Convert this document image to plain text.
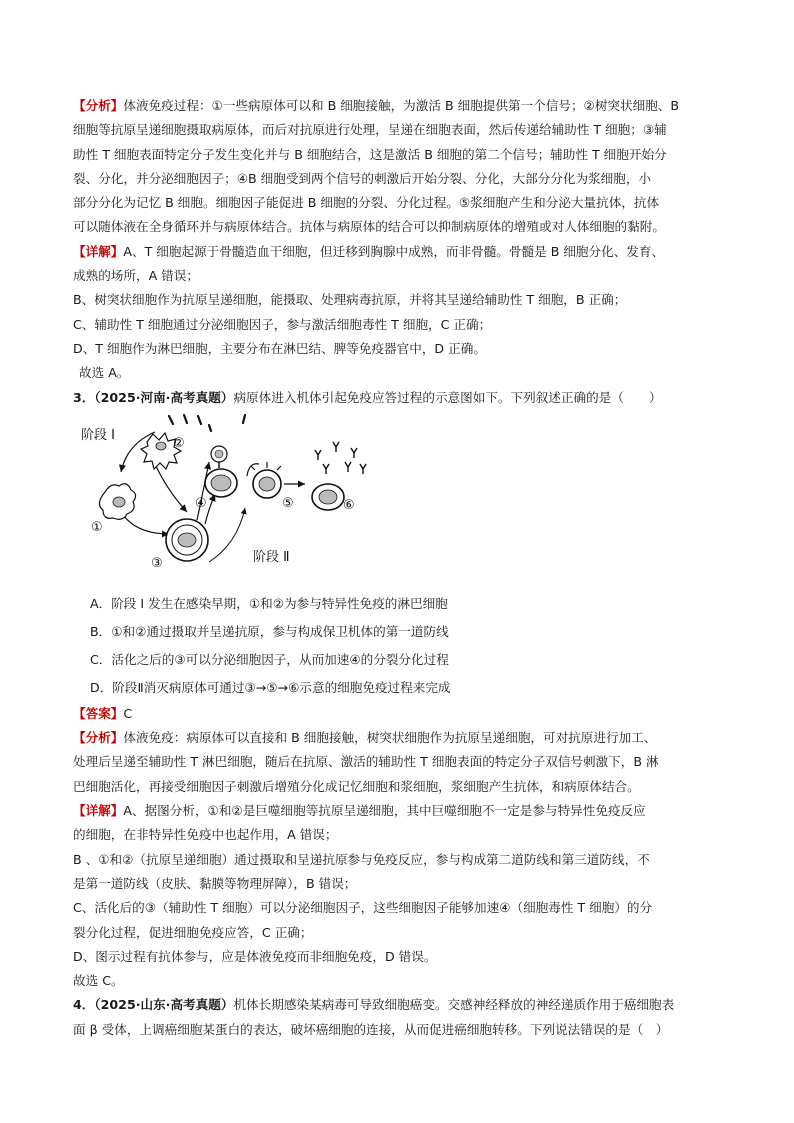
【分析】体液免疫过程：①一些病原体可以和 B 细胞接触，为激活 B 细胞提供第一个信号；②树突状细胞、B

细胞等抗原呈递细胞摄取病原体，而后对抗原进行处理，呈递在细胞表面，然后传递给辅助性 T 细胞；③辅

助性 T 细胞表面特定分子发生变化并与 B 细胞结合，这是激活 B 细胞的第二个信号；辅助性 T 细胞开始分

裂、分化，并分泌细胞因子；④B 细胞受到两个信号的刺激后开始分裂、分化，大部分分化为浆细胞，小

部分分化为记忆 B 细胞。细胞因子能促进 B 细胞的分裂、分化过程。⑤浆细胞产生和分泌大量抗体，抗体

可以随体液在全身循环并与病原体结合。抗体与病原体的结合可以抑制病原体的增殖或对人体细胞的黏附。

【详解】A、T 细胞起源于骨髓造血干细胞，但迁移到胸腺中成熟，而非骨髓。骨髓是 B 细胞分化、发育、

成熟的场所，A 错误；

B、树突状细胞作为抗原呈递细胞，能摄取、处理病毒抗原，并将其呈递给辅助性 T 细胞，B 正确；

C、辅助性 T 细胞通过分泌细胞因子，参与激活细胞毒性 T 细胞，C 正确；

D、T 细胞作为淋巴细胞，主要分布在淋巴结、脾等免疫器官中，D 正确。

故选 A。

3．（2025·河南·高考真题）病原体进入机体引起免疫应答过程的示意图如下。下列叙述正确的是（　　）

阶段 I
阶段 Ⅱ
②
①
③
④	⑤	⑥

A．阶段 I 发生在感染早期，①和②为参与特异性免疫的淋巴细胞

B．①和②通过摄取并呈递抗原，参与构成保卫机体的第一道防线

C．活化之后的③可以分泌细胞因子，从而加速④的分裂分化过程

D．阶段Ⅱ消灭病原体可通过③→⑤→⑥示意的细胞免疫过程来完成

【答案】C

【分析】体液免疫：病原体可以直接和 B 细胞接触，树突状细胞作为抗原呈递细胞，可对抗原进行加工、

处理后呈递至辅助性 T 淋巴细胞，随后在抗原、激活的辅助性 T 细胞表面的特定分子双信号刺激下，B 淋

巴细胞活化，再接受细胞因子刺激后增殖分化成记忆细胞和浆细胞，浆细胞产生抗体，和病原体结合。

【详解】A、据图分析，①和②是巨噬细胞等抗原呈递细胞，其中巨噬细胞不一定是参与特异性免疫反应

的细胞，在非特异性免疫中也起作用，A 错误；

B 、①和②（抗原呈递细胞）通过摄取和呈递抗原参与免疫反应，参与构成第二道防线和第三道防线，不

是第一道防线（皮肤、黏膜等物理屏障），B 错误；

C、活化后的③（辅助性 T 细胞）可以分泌细胞因子，这些细胞因子能够加速④（细胞毒性 T 细胞）的分

裂分化过程，促进细胞免疫应答，C 正确；

D、图示过程有抗体参与，应是体液免疫而非细胞免疫，D 错误。

故选 C。

4．（2025·山东·高考真题）机体长期感染某病毒可导致细胞癌变。交感神经释放的神经递质作用于癌细胞表

面 β 受体，上调癌细胞某蛋白的表达，破坏癌细胞的连接，从而促进癌细胞转移。下列说法错误的是（　）
